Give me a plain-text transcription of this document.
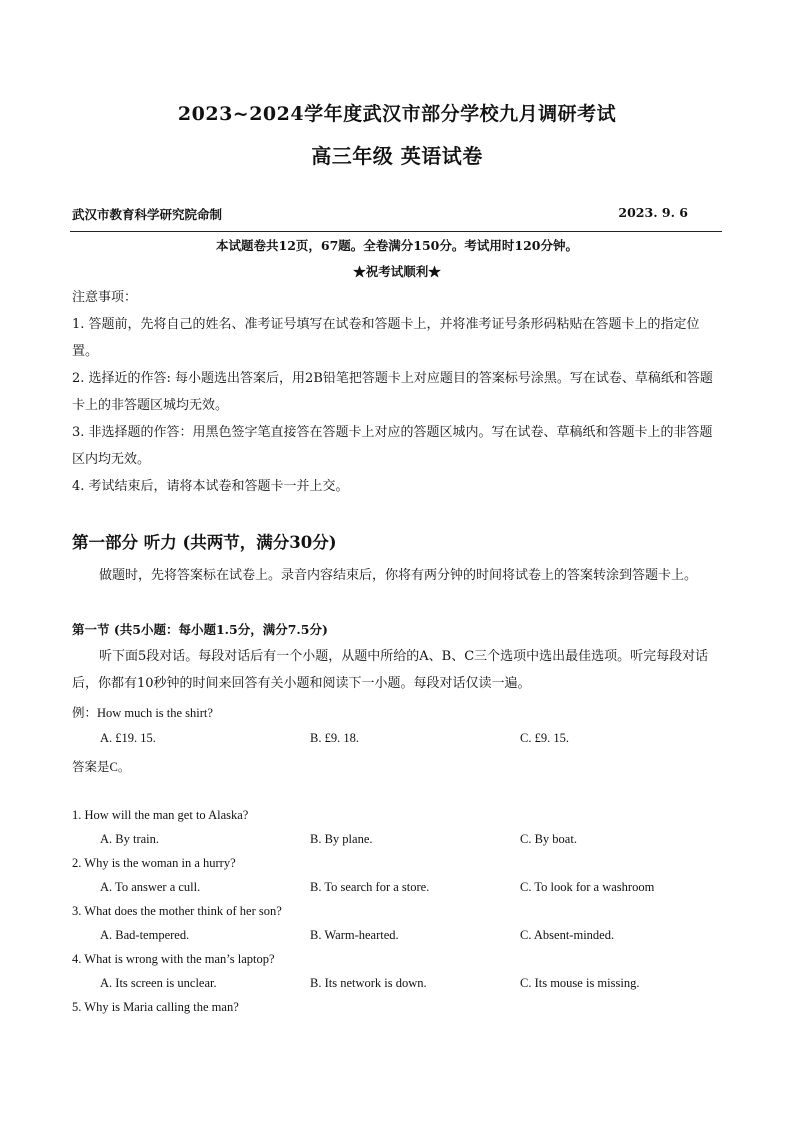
2023~2024学年度武汉市部分学校九月调研考试
高三年级 英语试卷
武汉市教育科学研究院命制	2023. 9. 6
本试题卷共12页，67题。全卷满分150分。考试用时120分钟。
★祝考试顺利★
注意事项：
1. 答题前，先将自己的姓名、准考证号填写在试卷和答题卡上，并将准考证号条形码粘贴在答题卡上的指定位置。
2. 选择近的作答: 每小题选出答案后，用2B铅笔把答题卡上对应题目的答案标号涂黑。写在试卷、草稿纸和答题卡上的非答题区城均无效。
3. 非选择题的作答：用黑色签字笔直接答在答题卡上对应的答题区城内。写在试卷、草稿纸和答题卡上的非答题区内均无效。
4. 考试结束后，请将本试卷和答题卡一并上交。
第一部分 听力 (共两节，满分30分)
做题时，先将答案标在试卷上。录音内容结束后，你将有两分钟的时间将试卷上的答案转涂到答题卡上。
第一节 (共5小题：每小题1.5分，满分7.5分)
听下面5段对话。每段对话后有一个小题，从题中所给的A、B、C三个选项中选出最佳选项。听完每段对话后，你都有10秒钟的时间来回答有关小题和阅读下一小题。每段对话仅读一遍。
例：How much is the shirt?
A. £19. 15.	B. £9. 18.	C. £9. 15.
答案是C。
1. How will the man get to Alaska?
A. By train.	B. By plane.	C. By boat.
2. Why is the woman in a hurry?
A. To answer a cull.	B. To search for a store.	C. To look for a washroom
3. What does the mother think of her son?
A. Bad-tempered.	B. Warm-hearted.	C. Absent-minded.
4. What is wrong with the man’s laptop?
A. Its screen is unclear.	B. Its network is down.	C. Its mouse is missing.
5. Why is Maria calling the man?
